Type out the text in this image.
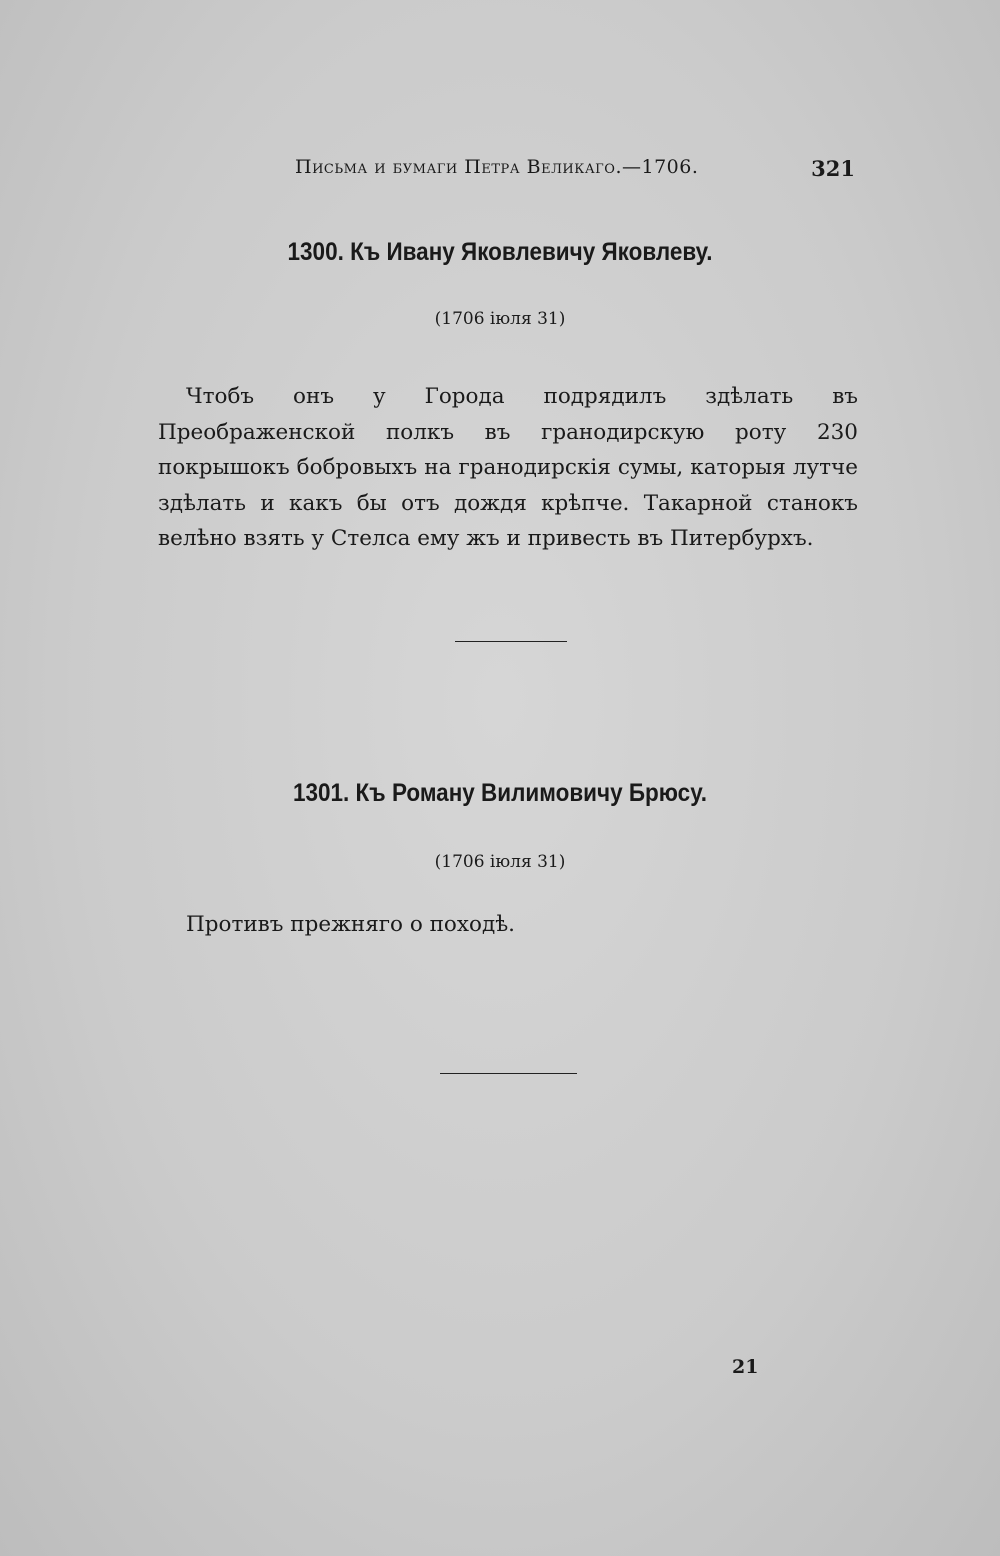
Письма и бумаги Петра Великаго.—1706.	321
1300. Къ Ивану Яковлевичу Яковлеву.
(1706 iюля 31)

Чтобъ онъ у Города подрядилъ здѣлать въ Преображенской полкъ въ гранодирскую роту 230 покрышокъ бобровыхъ на гранодирскія сумы, каторыя лутче здѣлать и какъ бы отъ дождя крѣпче. Такарной станокъ велѣно взять у Стелса ему жъ и привесть въ Питербурхъ.

1301. Къ Роману Вилимовичу Брюсу.
(1706 iюля 31)

Противъ прежняго о походѣ.

21
